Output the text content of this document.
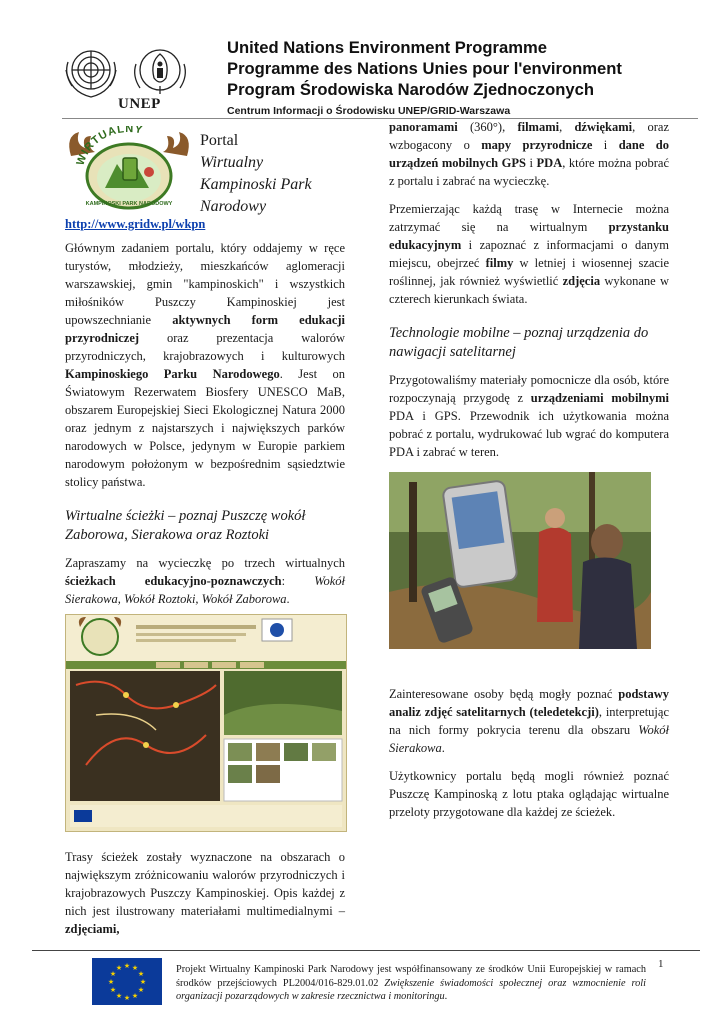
UNEP
United Nations Environment Programme
Programme des Nations Unies pour l'environment
Program Środowiska Narodów Zjednoczonych
Centrum Informacji o Środowisku UNEP/GRID-Warszawa
WIRTUALNY
KAMPINOSKI PARK NARODOWY
Portal
Wirtualny
Kampinoski Park
Narodowy
http://www.gridw.pl/wkpn

Głównym zadaniem portalu, który oddajemy w ręce turystów, młodzieży, mieszkańców aglomeracji warszawskiej, gmin "kampinoskich" i wszystkich miłośników Puszczy Kampinoskiej jest upowszechnianie aktywnych form edukacji przyrodniczej oraz prezentacja walorów przyrodniczych, krajobrazowych i kulturowych Kampinoskiego Parku Narodowego. Jest on Światowym Rezerwatem Biosfery UNESCO MaB, obszarem Europejskiej Sieci Ekologicznej Natura 2000 oraz jednym z najstarszych i największych parków narodowych w Polsce, jedynym w Europie parkiem narodowym położonym w bezpośrednim sąsiedztwie stolicy państwa.

Wirtualne ścieżki – poznaj Puszczę wokół Zaborowa, Sierakowa oraz Roztoki

Zapraszamy na wycieczkę po trzech wirtualnych ścieżkach edukacyjno-poznawczych: Wokół Sierakowa, Wokół Roztoki, Wokół Zaborowa.

Trasy ścieżek zostały wyznaczone na obszarach o największym zróżnicowaniu walorów przyrodniczych i krajobrazowych Puszczy Kampinoskiej. Opis każdej z nich jest ilustrowany materiałami multimedialnymi – zdjęciami,

panoramami (360°), filmami, dźwiękami, oraz wzbogacony o mapy przyrodnicze i dane do urządzeń mobilnych GPS i PDA, które można pobrać z portalu i zabrać na wycieczkę.

Przemierzając każdą trasę w Internecie można zatrzymać się na wirtualnym przystanku edukacyjnym i zapoznać z informacjami o danym miejscu, obejrzeć filmy w letniej i wiosennej szacie roślinnej, jak również wyświetlić zdjęcia wykonane w czterech kierunkach świata.

Technologie mobilne – poznaj urządzenia do nawigacji satelitarnej

Przygotowaliśmy materiały pomocnicze dla osób, które rozpoczynają przygodę z urządzeniami mobilnymi PDA i GPS. Przewodnik ich użytkowania można pobrać z portalu, wydrukować lub wgrać do komputera PDA i zabrać w teren.

Zainteresowane osoby będą mogły poznać podstawy analiz zdjęć satelitarnych (teledetekcji), interpretując na nich formy pokrycia terenu dla obszaru Wokół Sierakowa.

Użytkownicy portalu będą mogli również poznać Puszczę Kampinoską z lotu ptaka oglądając wirtualne przeloty przygotowane dla każdej ze ścieżek.

★ ★
★
★
★
★
★
★
★
★
★
★	Projekt Wirtualny Kampinoski Park Narodowy jest współfinansowany ze środków Unii Europejskiej w ramach środków przejściowych PL2004/016-829.01.02 Zwiększenie świadomości społecznej oraz wzmocnienie roli organizacji pozarządowych w zakresie rzecznictwa i monitoringu.
1
